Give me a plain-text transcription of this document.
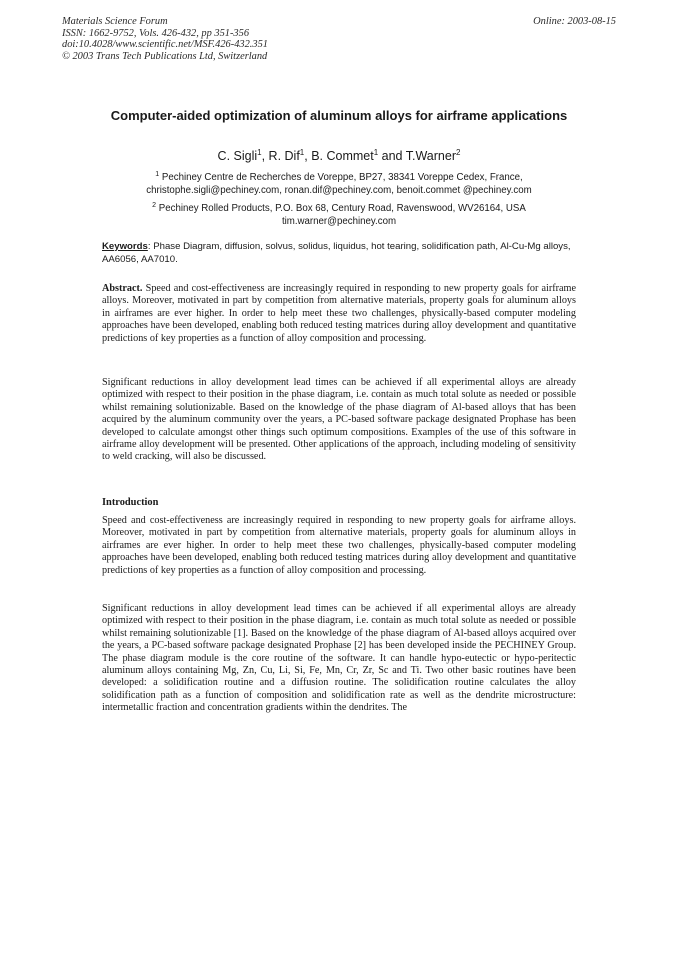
Materials Science Forum
ISSN: 1662-9752, Vols. 426-432, pp 351-356
doi:10.4028/www.scientific.net/MSF.426-432.351
© 2003 Trans Tech Publications Ltd, Switzerland
Online: 2003-08-15
Computer-aided optimization of aluminum alloys for airframe applications
C. Sigli$^1$, R. Dif$^1$, B. Commet$^1$ and T.Warner$^2$
$^1$ Pechiney Centre de Recherches de Voreppe, BP27, 38341 Voreppe Cedex, France,
christophe.sigli@pechiney.com, ronan.dif@pechiney.com, benoit.commet @pechiney.com
$^2$ Pechiney Rolled Products, P.O. Box 68, Century Road, Ravenswood, WV26164, USA
tim.warner@pechiney.com
Keywords: Phase Diagram, diffusion, solvus, solidus, liquidus, hot tearing, solidification path, Al-Cu-Mg alloys, AA6056, AA7010.

Abstract. Speed and cost-effectiveness are increasingly required in responding to new property goals for airframe alloys. Moreover, motivated in part by competition from alternative materials, property goals for aluminum alloys in airframes are ever higher. In order to help meet these two challenges, physically-based computer modeling approaches have been developed, enabling both reduced testing matrices during alloy development and quantitative predictions of key properties as a function of alloy composition and processing.

Significant reductions in alloy development lead times can be achieved if all experimental alloys are already optimized with respect to their position in the phase diagram, i.e. contain as much total solute as needed or possible whilst remaining solutionizable. Based on the knowledge of the phase diagram of Al-based alloys that has been acquired by the aluminum community over the years, a PC-based software package designated Prophase has been developed to calculate amongst other things such optimum compositions. Examples of the use of this software in airframe alloy development will be presented. Other applications of the approach, including modeling of sensitivity to weld cracking, will also be discussed.

Introduction

Speed and cost-effectiveness are increasingly required in responding to new property goals for airframe alloys. Moreover, motivated in part by competition from alternative materials, property goals for aluminum alloys in airframes are ever higher. In order to help meet these two challenges, physically-based computer modeling approaches have been developed, enabling both reduced testing matrices during alloy development and quantitative predictions of key properties as a function of alloy composition and processing.

Significant reductions in alloy development lead times can be achieved if all experimental alloys are already optimized with respect to their position in the phase diagram, i.e. contain as much total solute as needed or possible whilst remaining solutionizable [1]. Based on the knowledge of the phase diagram of Al-based alloys acquired over the years, a PC-based software package designated Prophase [2] has been developed inside the PECHINEY Group. The phase diagram module is the core routine of the software. It can handle hypo-eutectic or hypo-peritectic aluminum alloys containing Mg, Zn, Cu, Li, Si, Fe, Mn, Cr, Zr, Sc and Ti. Two other basic routines have been developed: a solidification routine and a diffusion routine. The solidification routine calculates the alloy solidification path as a function of composition and solidification rate as well as the dendrite microstructure: intermetallic fraction and concentration gradients within the dendrites. The
